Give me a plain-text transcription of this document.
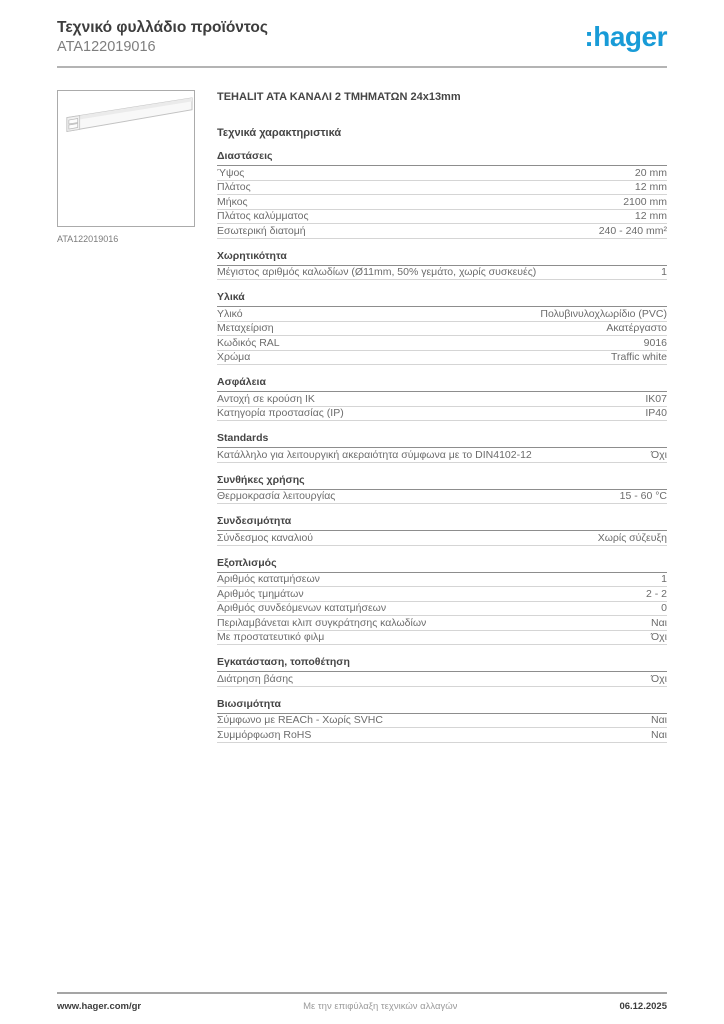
Τεχνικό φυλλάδιο προϊόντος
ATA122019016	:hager
ATA122019016
TEHALIT ATA ΚΑΝΑΛΙ 2 ΤΜΗΜΑΤΩΝ 24x13mm
Τεχνικά χαρακτηριστικά
Διαστάσεις
Ύψος	20 mm
Πλάτος	12 mm
Μήκος	2100 mm
Πλάτος καλύμματος	12 mm
Εσωτερική διατομή	240 - 240 mm²
Χωρητικότητα
Μέγιστος αριθμός καλωδίων (Ø11mm, 50% γεμάτο, χωρίς συσκευές)	1
Υλικά
Υλικό	Πολυβινυλοχλωρίδιο (PVC)
Μεταχείριση	Ακατέργαστο
Κωδικός RAL	9016
Χρώμα	Traffic white
Ασφάλεια
Αντοχή σε κρούση IK	IK07
Κατηγορία προστασίας (IP)	IP40
Standards
Κατάλληλο για λειτουργική ακεραιότητα σύμφωνα με το DIN4102-12	Όχι
Συνθήκες χρήσης
Θερμοκρασία λειτουργίας	15 - 60 °C
Συνδεσιμότητα
Σύνδεσμος καναλιού	Χωρίς σύζευξη
Εξοπλισμός
Αριθμός κατατμήσεων	1
Αριθμός τμημάτων	2 - 2
Αριθμός συνδεόμενων κατατμήσεων	0
Περιλαμβάνεται κλιπ συγκράτησης καλωδίων	Ναι
Με προστατευτικό φιλμ	Όχι
Εγκατάσταση, τοποθέτηση
Διάτρηση βάσης	Όχι
Βιωσιμότητα
Σύμφωνο με REACh - Χωρίς SVHC	Ναι
Συμμόρφωση RoHS	Ναι
www.hager.com/gr	Με την επιφύλαξη τεχνικών αλλαγών	06.12.2025
